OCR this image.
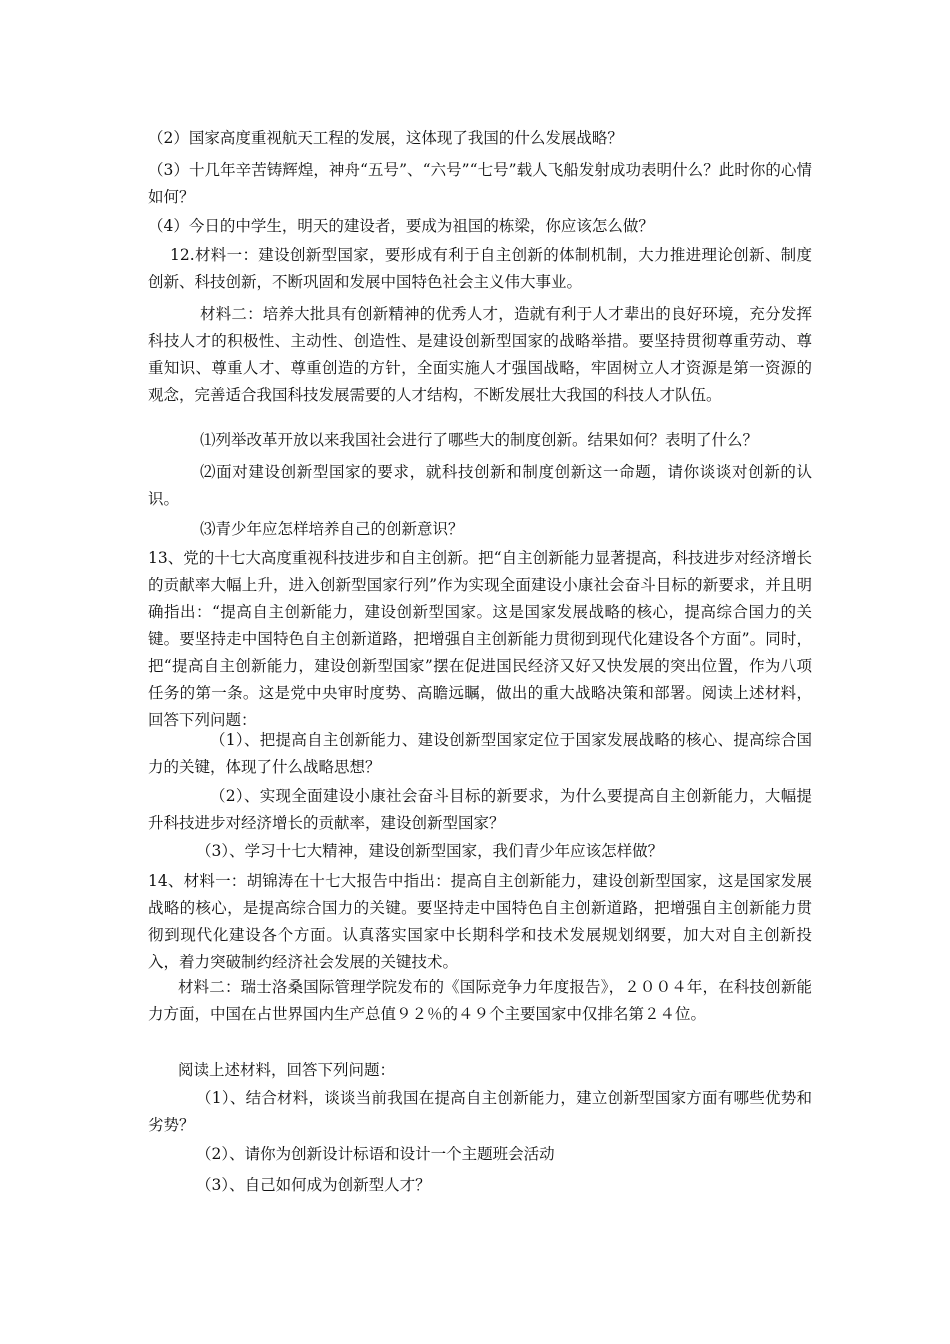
（2）国家高度重视航天工程的发展，这体现了我国的什么发展战略？

（3）十几年辛苦铸辉煌，神舟“五号”、“六号”“七号”载人飞船发射成功表明什么？此时你的心情如何？

（4）今日的中学生，明天的建设者，要成为祖国的栋梁，你应该怎么做？

12.材料一：建设创新型国家，要形成有利于自主创新的体制机制，大力推进理论创新、制度创新、科技创新，不断巩固和发展中国特色社会主义伟大事业。

材料二：培养大批具有创新精神的优秀人才，造就有利于人才辈出的良好环境，充分发挥科技人才的积极性、主动性、创造性、是建设创新型国家的战略举措。要坚持贯彻尊重劳动、尊重知识、尊重人才、尊重创造的方针，全面实施人才强国战略，牢固树立人才资源是第一资源的观念，完善适合我国科技发展需要的人才结构，不断发展壮大我国的科技人才队伍。

⑴列举改革开放以来我国社会进行了哪些大的制度创新。结果如何？表明了什么？

⑵面对建设创新型国家的要求，就科技创新和制度创新这一命题，请你谈谈对创新的认识。

⑶青少年应怎样培养自己的创新意识？

13、党的十七大高度重视科技进步和自主创新。把“自主创新能力显著提高，科技进步对经济增长的贡献率大幅上升，进入创新型国家行列”作为实现全面建设小康社会奋斗目标的新要求，并且明确指出：“提高自主创新能力，建设创新型国家。这是国家发展战略的核心，提高综合国力的关键。要坚持走中国特色自主创新道路，把增强自主创新能力贯彻到现代化建设各个方面”。同时，把“提高自主创新能力，建设创新型国家”摆在促进国民经济又好又快发展的突出位置，作为八项任务的第一条。这是党中央审时度势、高瞻远瞩，做出的重大战略决策和部署。阅读上述材料，回答下列问题：

（1）、把提高自主创新能力、建设创新型国家定位于国家发展战略的核心、提高综合国力的关键，体现了什么战略思想？

（2）、实现全面建设小康社会奋斗目标的新要求，为什么要提高自主创新能力，大幅提升科技进步对经济增长的贡献率，建设创新型国家？

（3）、学习十七大精神，建设创新型国家，我们青少年应该怎样做？

14、材料一：胡锦涛在十七大报告中指出：提高自主创新能力，建设创新型国家，这是国家发展战略的核心，是提高综合国力的关键。要坚持走中国特色自主创新道路，把增强自主创新能力贯彻到现代化建设各个方面。认真落实国家中长期科学和技术发展规划纲要，加大对自主创新投入，着力突破制约经济社会发展的关键技术。

材料二：瑞士洛桑国际管理学院发布的《国际竞争力年度报告》，２００４年，在科技创新能力方面，中国在占世界国内生产总值９２％的４９个主要国家中仅排名第２４位。

阅读上述材料，回答下列问题：

（1）、结合材料，谈谈当前我国在提高自主创新能力，建立创新型国家方面有哪些优势和劣势？

（2）、请你为创新设计标语和设计一个主题班会活动

（3）、自己如何成为创新型人才？
